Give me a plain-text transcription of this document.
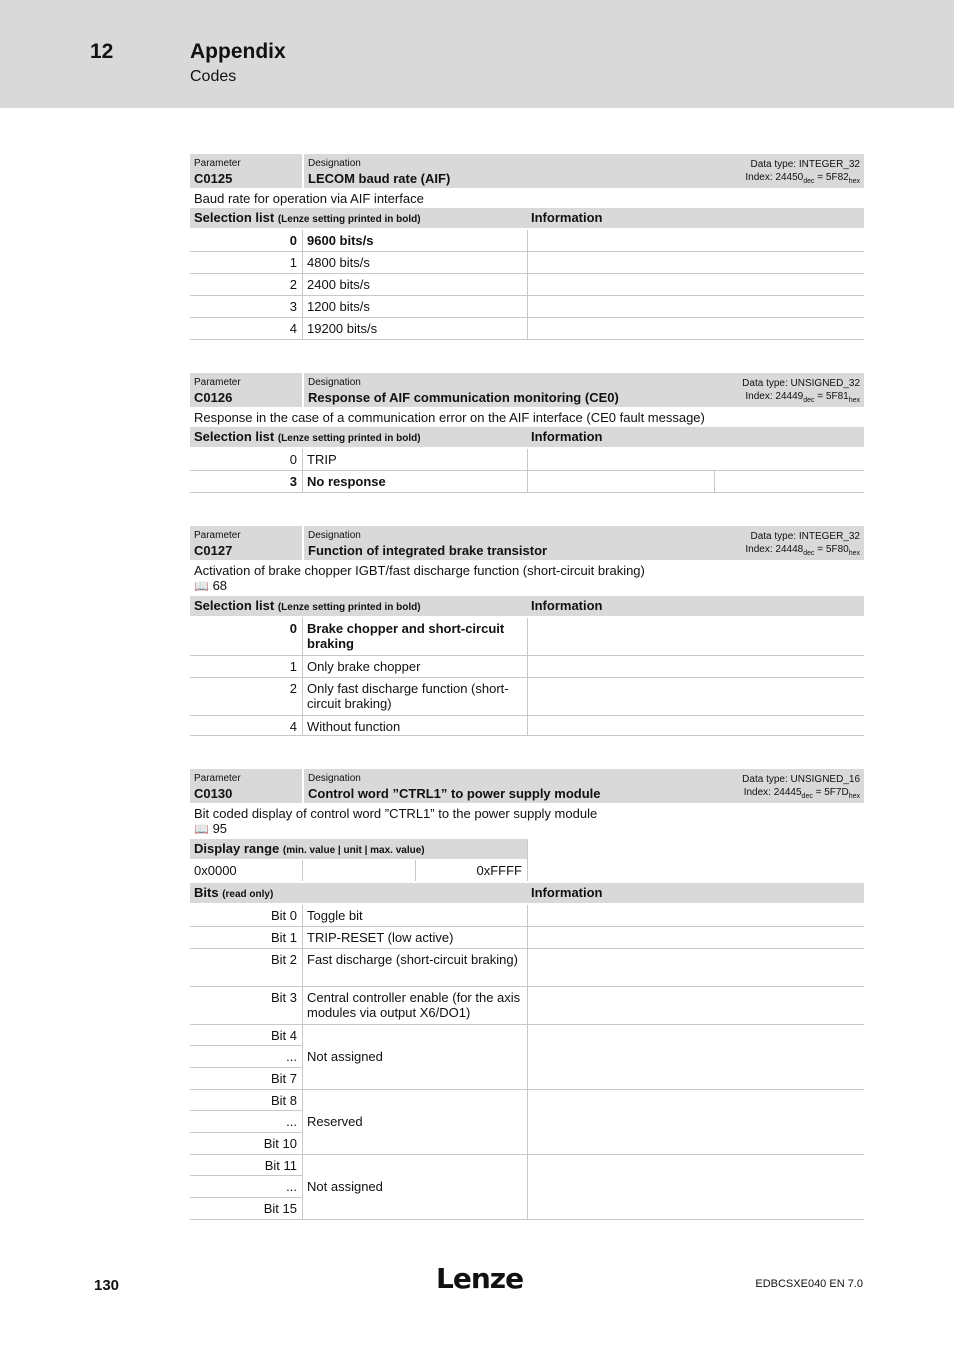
12	Appendix
Codes
Parameter
C0125
Designation
LECOM baud rate (AIF)
Data type: INTEGER_32
Index: $24450_{dec} = 5F82_{hex}$
Baud rate for operation via AIF interface
Selection list (Lenze setting printed in bold)	Information
0 9600 bits/s
1 4800 bits/s
2 2400 bits/s
3 1200 bits/s
4 19200 bits/s
Parameter
C0126
Designation
Response of AIF communication monitoring (CE0)
Data type: UNSIGNED_32
Index: $24449_{dec} = 5F81_{hex}$
Response in the case of a communication error on the AIF interface (CE0 fault message)
Selection list (Lenze setting printed in bold)	Information
0 TRIP
3 No response
Parameter
C0127
Designation
Function of integrated brake transistor
Data type: INTEGER_32
Index: $24448_{dec} = 5F80_{hex}$
Activation of brake chopper IGBT/fast discharge function (short-circuit braking)
📖 68
Selection list (Lenze setting printed in bold)	Information
0 Brake chopper and short-circuit braking
1 Only brake chopper
2 Only fast discharge function (short-circuit braking)
4 Without function
Parameter
C0130
Designation
Control word ”CTRL1” to power supply module
Data type: UNSIGNED_16
Index: $24445_{dec} = 5F7D_{hex}$
Bit coded display of control word ”CTRL1” to the power supply module
📖 95
Display range (min. value | unit | max. value)
0x0000	0xFFFF
Bits (read only)	Information
Bit 0 Toggle bit
Bit 1 TRIP-RESET (low active)
Bit 2 Fast discharge (short-circuit braking)
Bit 3 Central controller enable (for the axis modules via output X6/DO1)
Bit 4
...
Bit 7
Not assigned
Bit 8
...
Bit 10
Reserved
Bit 11
...
Bit 15
Not assigned
130	Lenze	EDBCSXE040 EN 7.0
